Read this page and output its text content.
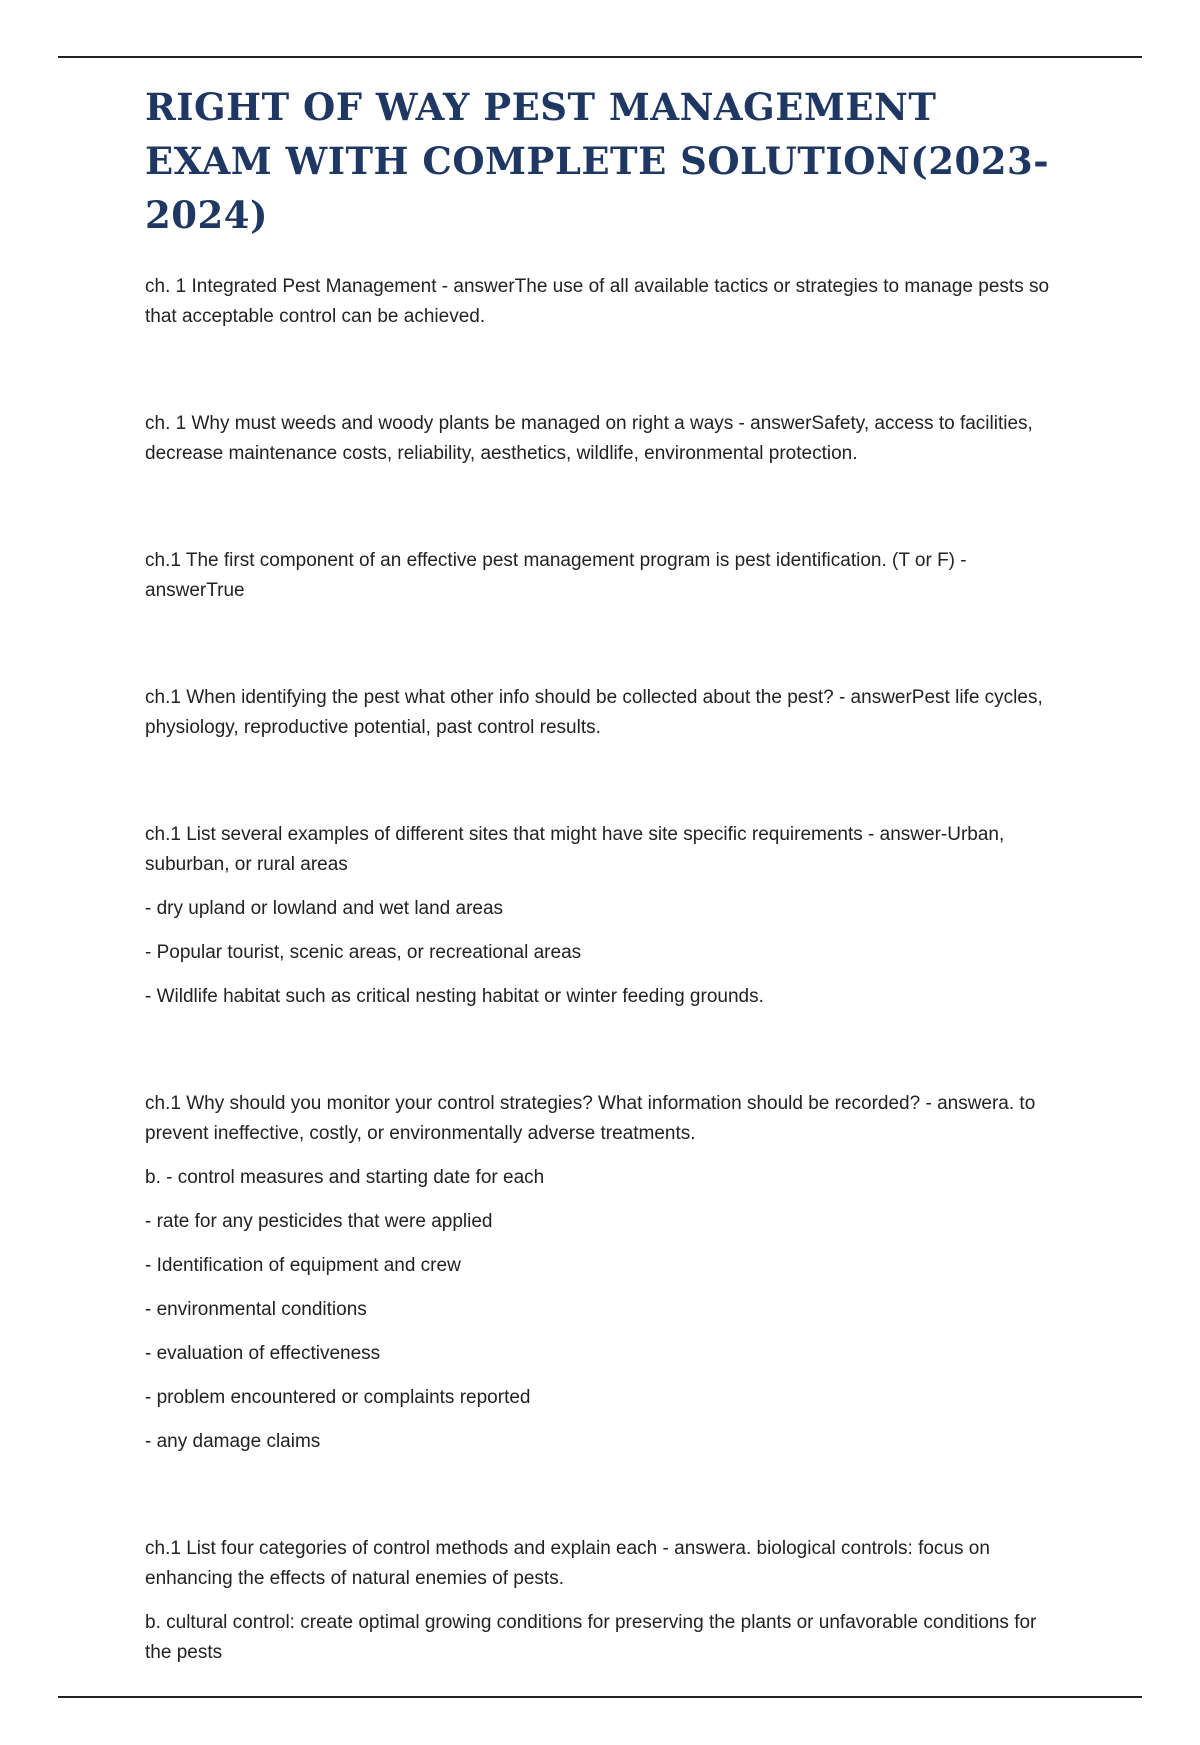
RIGHT OF WAY PEST MANAGEMENT EXAM WITH COMPLETE SOLUTION(2023-2024)

ch. 1 Integrated Pest Management - answerThe use of all available tactics or strategies to manage pests so that acceptable control can be achieved.

ch. 1 Why must weeds and woody plants be managed on right a ways - answerSafety, access to facilities, decrease maintenance costs, reliability, aesthetics, wildlife, environmental protection.

ch.1 The first component of an effective pest management program is pest identification. (T or F) - answerTrue

ch.1 When identifying the pest what other info should be collected about the pest? - answerPest life cycles, physiology, reproductive potential, past control results.

ch.1 List several examples of different sites that might have site specific requirements - answer-Urban, suburban, or rural areas

- dry upland or lowland and wet land areas

- Popular tourist, scenic areas, or recreational areas

- Wildlife habitat such as critical nesting habitat or winter feeding grounds.

ch.1 Why should you monitor your control strategies? What information should be recorded? - answera. to prevent ineffective, costly, or environmentally adverse treatments.

b. - control measures and starting date for each

- rate for any pesticides that were applied

- Identification of equipment and crew

- environmental conditions

- evaluation of effectiveness

- problem encountered or complaints reported

- any damage claims

ch.1 List four categories of control methods and explain each - answera. biological controls: focus on enhancing the effects of natural enemies of pests.

b. cultural control: create optimal growing conditions for preserving the plants or unfavorable conditions for the pests
